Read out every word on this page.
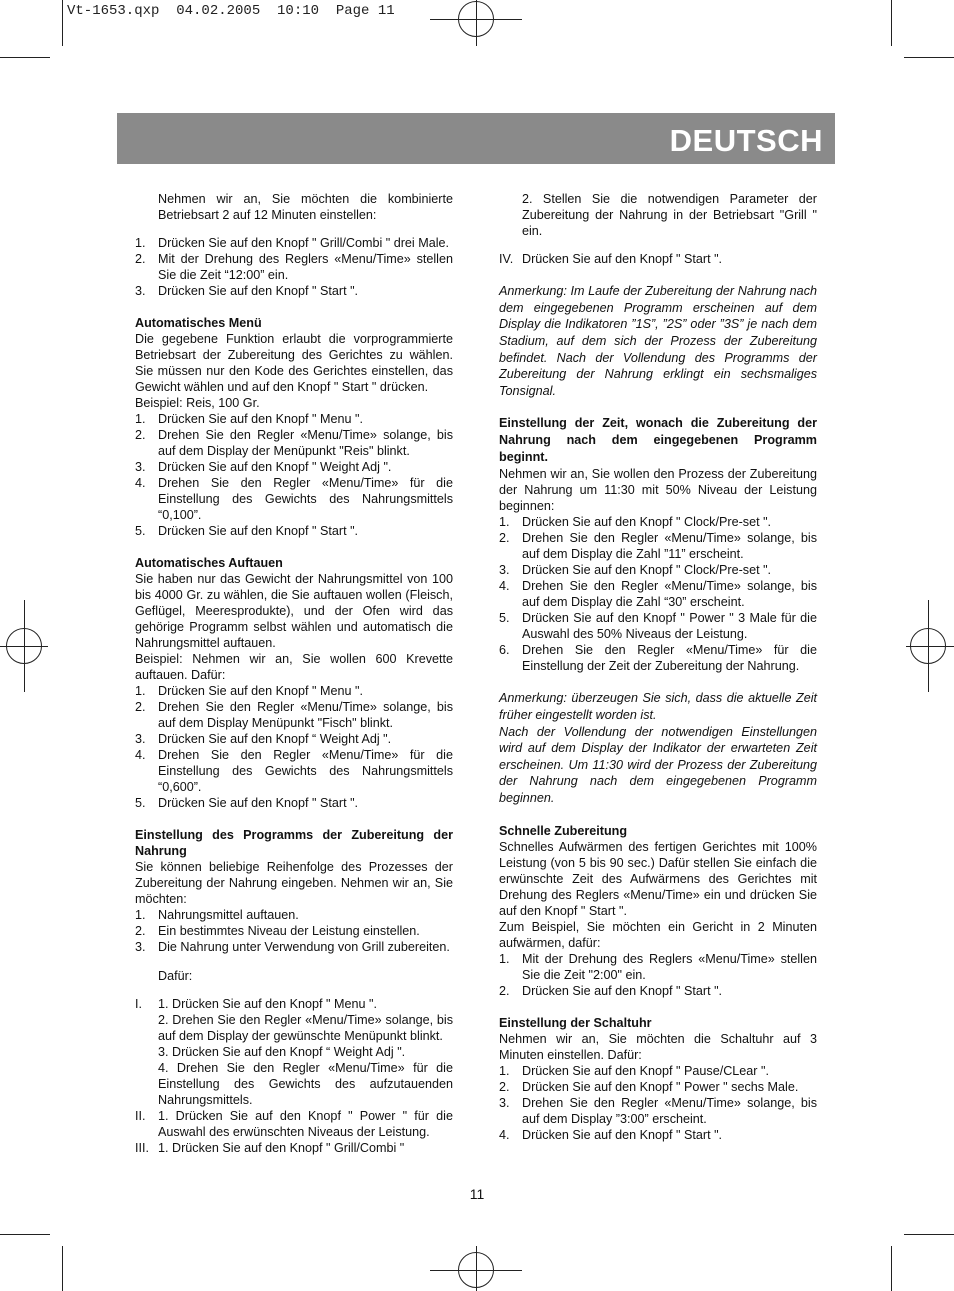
Vt-1653.qxp  04.02.2005  10:10  Page 11
DEUTSCH

Nehmen wir an, Sie möchten die kombinierte Betriebsart 2 auf 12 Minuten einstellen:

1. Drücken Sie auf den Knopf " Grill/Combi " drei Male.
2. Mit der Drehung des Reglers «Menu/Time» stellen Sie die Zeit “12:00” ein.
3. Drücken Sie auf den Knopf " Start ".

Automatisches Menü

Die gegebene Funktion erlaubt die vorprogrammierte Betriebsart der Zubereitung des Gerichtes zu wählen. Sie müssen nur den Kode des Gerichtes einstellen, das Gewicht wählen und auf den Knopf " Start " drücken.

Beispiel: Reis, 100 Gr.

1. Drücken Sie auf den Knopf " Menu ".
2. Drehen Sie den Regler «Menu/Time» solange, bis auf dem Display der Menüpunkt "Reis" blinkt.
3. Drücken Sie auf den Knopf " Weight Adj ".
4. Drehen Sie den Regler «Menu/Time» für die Einstellung des Gewichts des Nahrungsmittels “0,100”.
5. Drücken Sie auf den Knopf " Start ".

Automatisches Auftauen

Sie haben nur das Gewicht der Nahrungsmittel von 100 bis 4000 Gr. zu wählen, die Sie auftauen wollen (Fleisch, Geflügel, Meeresprodukte), und der Ofen wird das gehörige Programm selbst wählen und automatisch die Nahrungsmittel auftauen.

Beispiel: Nehmen wir an, Sie wollen 600 Krevette auftauen. Dafür:

1. Drücken Sie auf den Knopf " Menu ".
2. Drehen Sie den Regler «Menu/Time» solange, bis auf dem Display Menüpunkt "Fisch" blinkt.
3. Drücken Sie auf den Knopf “ Weight Adj ".
4. Drehen Sie den Regler «Menu/Time» für die Einstellung des Gewichts des Nahrungsmittels “0,600”.
5. Drücken Sie auf den Knopf " Start ".

Einstellung des Programms der Zubereitung der Nahrung

Sie können beliebige Reihenfolge des Prozesses der Zubereitung der Nahrung eingeben. Nehmen wir an, Sie möchten:

1. Nahrungsmittel auftauen.
2. Ein bestimmtes Niveau der Leistung einstellen.
3. Die Nahrung unter Verwendung von Grill zubereiten.

Dafür:

I.	1. Drücken Sie auf den Knopf " Menu ".
2. Drehen Sie den Regler «Menu/Time» solange, bis auf dem Display der gewünschte Menüpunkt blinkt.
3. Drücken Sie auf den Knopf “ Weight Adj ".
4. Drehen Sie den Regler «Menu/Time» für die Einstellung des Gewichts des aufzutauenden Nahrungsmittels.
II. 1. Drücken Sie auf den Knopf " Power " für die Auswahl des erwünschten Niveaus der Leistung.
III. 1. Drücken Sie auf den Knopf " Grill/Combi "

2. Stellen Sie die notwendigen Parameter der Zubereitung der Nahrung in der Betriebsart "Grill " ein.

IV. Drücken Sie auf den Knopf " Start ".

Anmerkung: Im Laufe der Zubereitung der Nahrung nach dem eingegebenen Programm erscheinen auf dem Display die Indikatoren ”1S”, ”2S” oder ”3S” je nach dem Stadium, auf dem sich der Prozess der Zubereitung befindet. Nach der Vollendung des Programms der Zubereitung der Nahrung erklingt ein sechsmaliges Tonsignal.

Einstellung der Zeit, wonach die Zubereitung der Nahrung nach dem eingegebenen Programm beginnt.

Nehmen wir an, Sie wollen den Prozess der Zubereitung der Nahrung um 11:30 mit 50% Niveau der Leistung beginnen:

1. Drücken Sie auf den Knopf " Clock/Pre-set ".
2. Drehen Sie den Regler «Menu/Time» solange, bis auf dem Display die Zahl ”11” erscheint.
3. Drücken Sie auf den Knopf " Clock/Pre-set ".
4. Drehen Sie den Regler «Menu/Time» solange, bis auf dem Display die Zahl “30” erscheint.
5. Drücken Sie auf den Knopf " Power " 3 Male für die Auswahl des 50% Niveaus der Leistung.
6. Drehen Sie den Regler «Menu/Time» für die Einstellung der Zeit der Zubereitung der Nahrung.

Anmerkung: überzeugen Sie sich, dass die aktuelle Zeit früher eingestellt worden ist.

Nach der Vollendung der notwendigen Einstellungen wird auf dem Display der Indikator der erwarteten Zeit erscheinen. Um 11:30 wird der Prozess der Zubereitung der Nahrung nach dem eingegebenen Programm beginnen.

Schnelle Zubereitung

Schnelles Aufwärmen des fertigen Gerichtes mit 100% Leistung (von 5 bis 90 sec.) Dafür stellen Sie einfach die erwünschte Zeit des Aufwärmens des Gerichtes mit Drehung des Reglers «Menu/Time» ein und drücken Sie auf den Knopf " Start ".

Zum Beispiel, Sie möchten ein Gericht in 2 Minuten aufwärmen, dafür:

1. Mit der Drehung des Reglers «Menu/Time» stellen Sie die Zeit "2:00" ein.
2. Drücken Sie auf den Knopf " Start ".

Einstellung der Schaltuhr

Nehmen wir an, Sie möchten die Schaltuhr auf 3 Minuten einstellen. Dafür:

1. Drücken Sie auf den Knopf " Pause/CLear ".
2. Drücken Sie auf den Knopf " Power " sechs Male.
3. Drehen Sie den Regler «Menu/Time» solange, bis auf dem Display ”3:00” erscheint.
4. Drücken Sie auf den Knopf " Start ".
11
